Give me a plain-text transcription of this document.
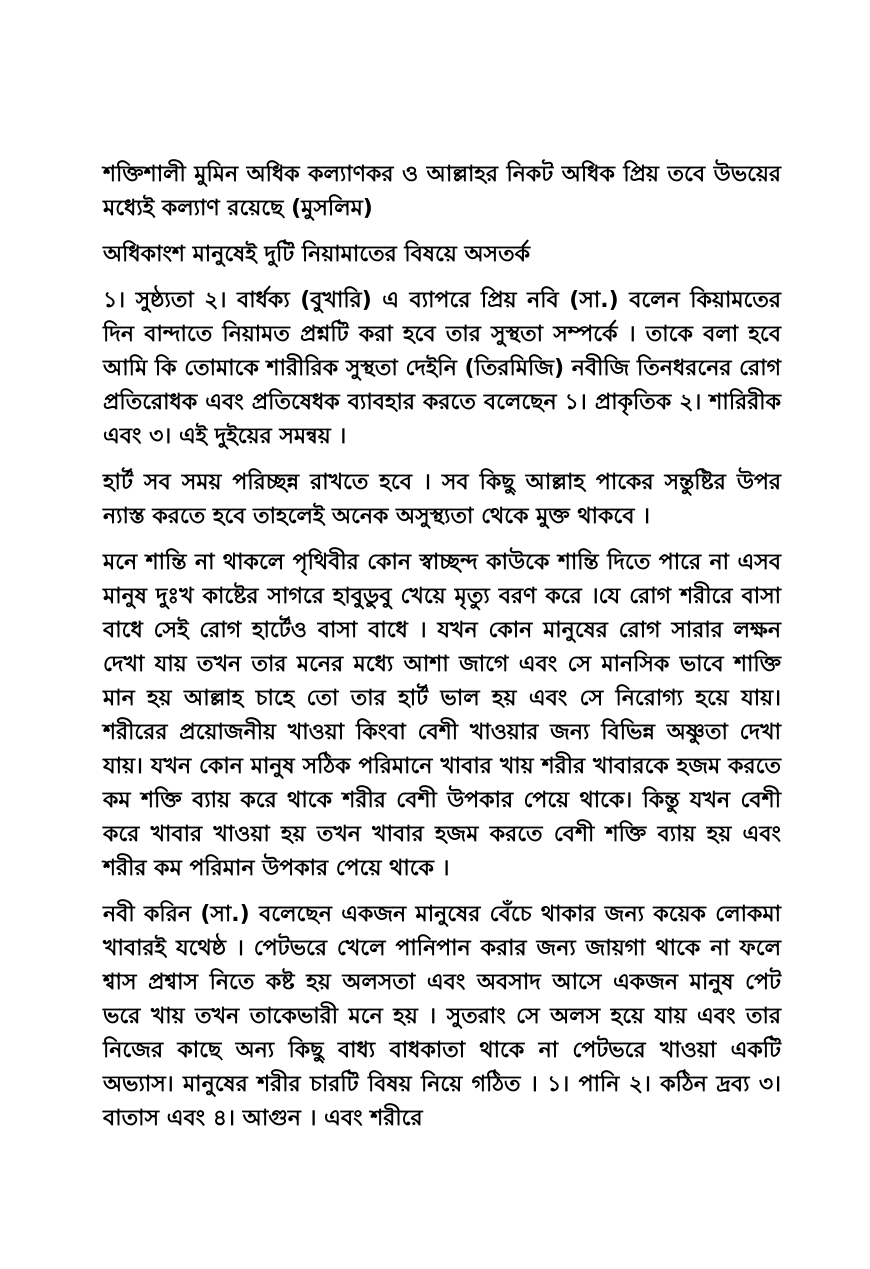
শক্তিশালী মুমিন অধিক কল্যাণকর ও আল্লাহর নিকট অধিক প্রিয় তবে উভয়ের মধ্যেই কল্যাণ রয়েছে (মুসলিম)

অধিকাংশ মানুষেই দুটি নিয়ামাতের বিষয়ে অসতর্ক

১। সুষ্ঠ্যতা ২। বার্ধক্য (বুখারি) এ ব্যাপরে প্রিয় নবি (সা.) বলেন কিয়ামতের দিন বান্দাতে নিয়ামত প্রশ্নটি করা হবে তার সুস্থতা সম্পর্কে । তাকে বলা হবে আমি কি তোমাকে শারীরিক সুস্থতা দেইনি (তিরমিজি) নবীজি তিনধরনের রোগ প্রতিরোধক এবং প্রতিষেধক ব্যাবহার করতে বলেছেন ১। প্রাকৃতিক ২। শারিরীক এবং ৩। এই দুইয়ের সমন্বয় ।

হার্ট সব সময় পরিচ্ছন্ন রাখতে হবে । সব কিছু আল্লাহ পাকের সন্তুষ্টির উপর ন্যাস্ত করতে হবে তাহলেই অনেক অসুস্থ্যতা থেকে মুক্ত থাকবে ।

মনে শান্তি না থাকলে পৃথিবীর কোন স্বাচ্ছন্দ কাউকে শান্তি দিতে পারে না এসব মানুষ দুঃখ কাষ্টের সাগরে হাবুডুবু খেয়ে মৃত্যু বরণ করে ।যে রোগ শরীরে বাসা বাধে সেই রোগ হার্টেও বাসা বাধে । যখন কোন মানুষের রোগ সারার লক্ষন দেখা যায় তখন তার মনের মধ্যে আশা জাগে এবং সে মানসিক ভাবে শাক্তি মান হয় আল্লাহ চাহে তো তার হার্ট ভাল হয় এবং সে নিরোগ্য হয়ে যায়। শরীরের প্রয়োজনীয় খাওয়া কিংবা বেশী খাওয়ার জন্য বিভিন্ন অষ্ণুতা দেখা যায়। যখন কোন মানুষ সঠিক পরিমানে খাবার খায় শরীর খাবারকে হজম করতে কম শক্তি ব্যায় করে থাকে শরীর বেশী উপকার পেয়ে থাকে। কিন্তু যখন বেশী করে খাবার খাওয়া হয় তখন খাবার হজম করতে বেশী শক্তি ব্যায় হয় এবং শরীর কম পরিমান উপকার পেয়ে থাকে ।

নবী করিন (সা.) বলেছেন একজন মানুষের বেঁচে থাকার জন্য কয়েক লোকমা খাবারই যথেষ্ঠ । পেটভরে খেলে পানিপান করার জন্য জায়গা থাকে না ফলে শ্বাস প্রশ্বাস নিতে কষ্ট হয় অলসতা এবং অবসাদ আসে একজন মানুষ পেট ভরে খায় তখন তাকেভারী মনে হয় । সুতরাং সে অলস হয়ে যায় এবং তার নিজের কাছে অন্য কিছু বাধ্য বাধকাতা থাকে না পেটভরে খাওয়া একটি অভ্যাস। মানুষের শরীর চারটি বিষয় নিয়ে গঠিত । ১। পানি ২। কঠিন দ্রব্য ৩। বাতাস এবং ৪। আগুন । এবং শরীরে
